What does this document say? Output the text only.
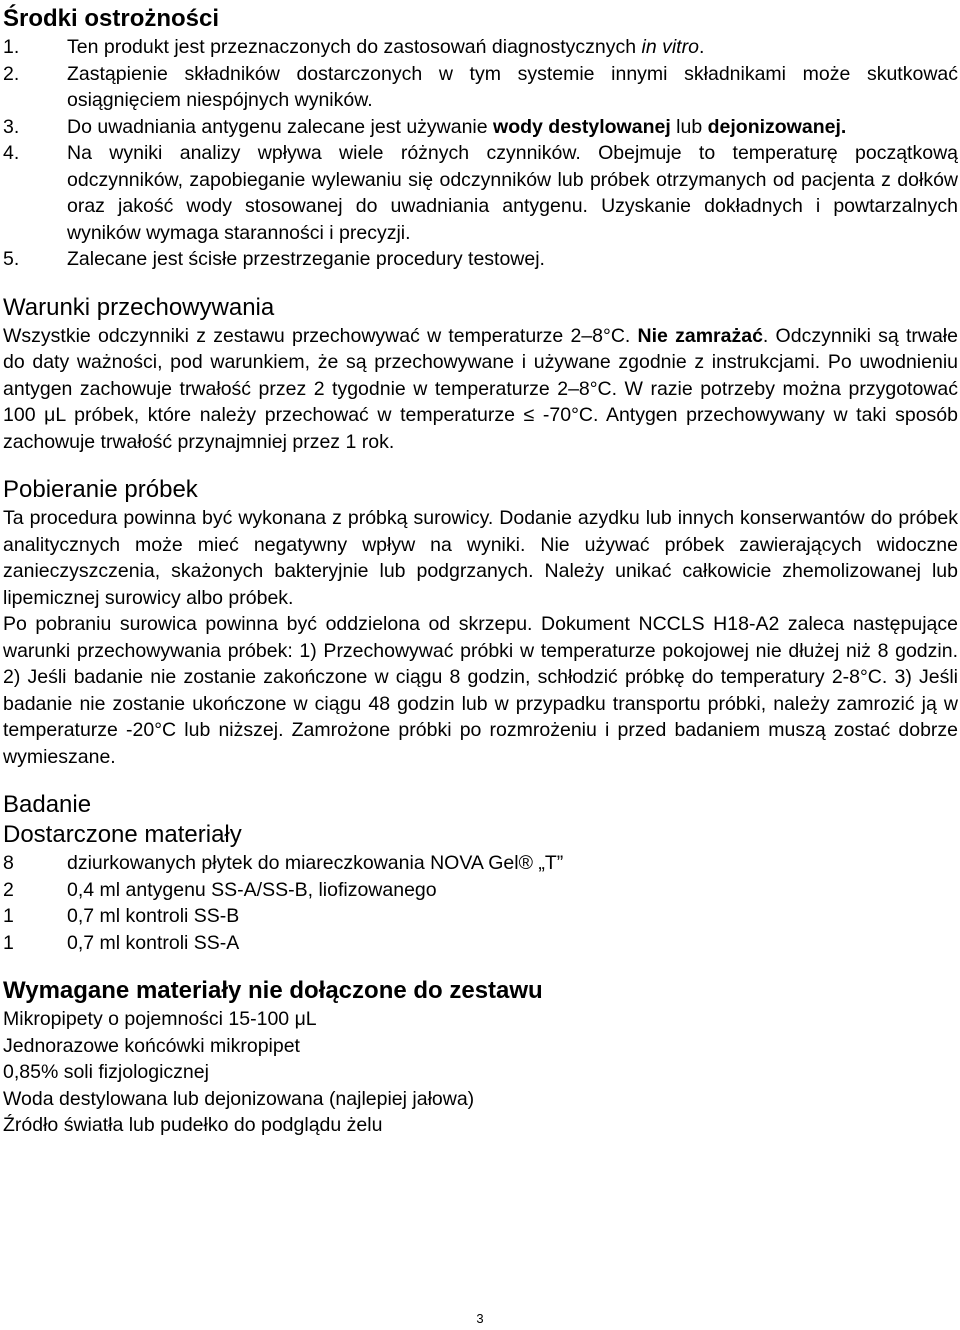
Środki ostrożności
1.	Ten produkt jest przeznaczonych do zastosowań diagnostycznych in vitro.
2.	Zastąpienie składników dostarczonych w tym systemie innymi składnikami może skutkować osiągnięciem niespójnych wyników.
3.	Do uwadniania antygenu zalecane jest używanie wody destylowanej lub dejonizowanej.
4.	Na wyniki analizy wpływa wiele różnych czynników. Obejmuje to temperaturę początkową odczynników, zapobieganie wylewaniu się odczynników lub próbek otrzymanych od pacjenta z dołków oraz jakość wody stosowanej do uwadniania antygenu. Uzyskanie dokładnych i powtarzalnych wyników wymaga staranności i precyzji.
5.	Zalecane jest ścisłe przestrzeganie procedury testowej.
Warunki przechowywania

Wszystkie odczynniki z zestawu przechowywać w temperaturze 2–8°C. Nie zamrażać. Odczynniki są trwałe do daty ważności, pod warunkiem, że są przechowywane i używane zgodnie z instrukcjami. Po uwodnieniu antygen zachowuje trwałość przez 2 tygodnie w temperaturze 2–8°C. W razie potrzeby można przygotować 100 μL próbek, które należy przechować w temperaturze ≤ -70°C. Antygen przechowywany w taki sposób zachowuje trwałość przynajmniej przez 1 rok.

Pobieranie próbek

Ta procedura powinna być wykonana z próbką surowicy. Dodanie azydku lub innych konserwantów do próbek analitycznych może mieć negatywny wpływ na wyniki. Nie używać próbek zawierających widoczne zanieczyszczenia, skażonych bakteryjnie lub podgrzanych. Należy unikać całkowicie zhemolizowanej lub lipemicznej surowicy albo próbek.

Po pobraniu surowica powinna być oddzielona od skrzepu. Dokument NCCLS H18-A2 zaleca następujące warunki przechowywania próbek: 1) Przechowywać próbki w temperaturze pokojowej nie dłużej niż 8 godzin. 2) Jeśli badanie nie zostanie zakończone w ciągu 8 godzin, schłodzić próbkę do temperatury 2-8°C. 3) Jeśli badanie nie zostanie ukończone w ciągu 48 godzin lub w przypadku transportu próbki, należy zamrozić ją w temperaturze -20°C lub niższej. Zamrożone próbki po rozmrożeniu i przed badaniem muszą zostać dobrze wymieszane.

Badanie
Dostarczone materiały
8	dziurkowanych płytek do miareczkowania NOVA Gel® „T”
2	0,4 ml antygenu SS-A/SS-B, liofizowanego
1	0,7 ml kontroli SS-B
1	0,7 ml kontroli SS-A
Wymagane materiały nie dołączone do zestawu
Mikropipety o pojemności 15-100 μL
Jednorazowe końcówki mikropipet
0,85% soli fizjologicznej
Woda destylowana lub dejonizowana (najlepiej jałowa)
Źródło światła lub pudełko do podglądu żelu
3
